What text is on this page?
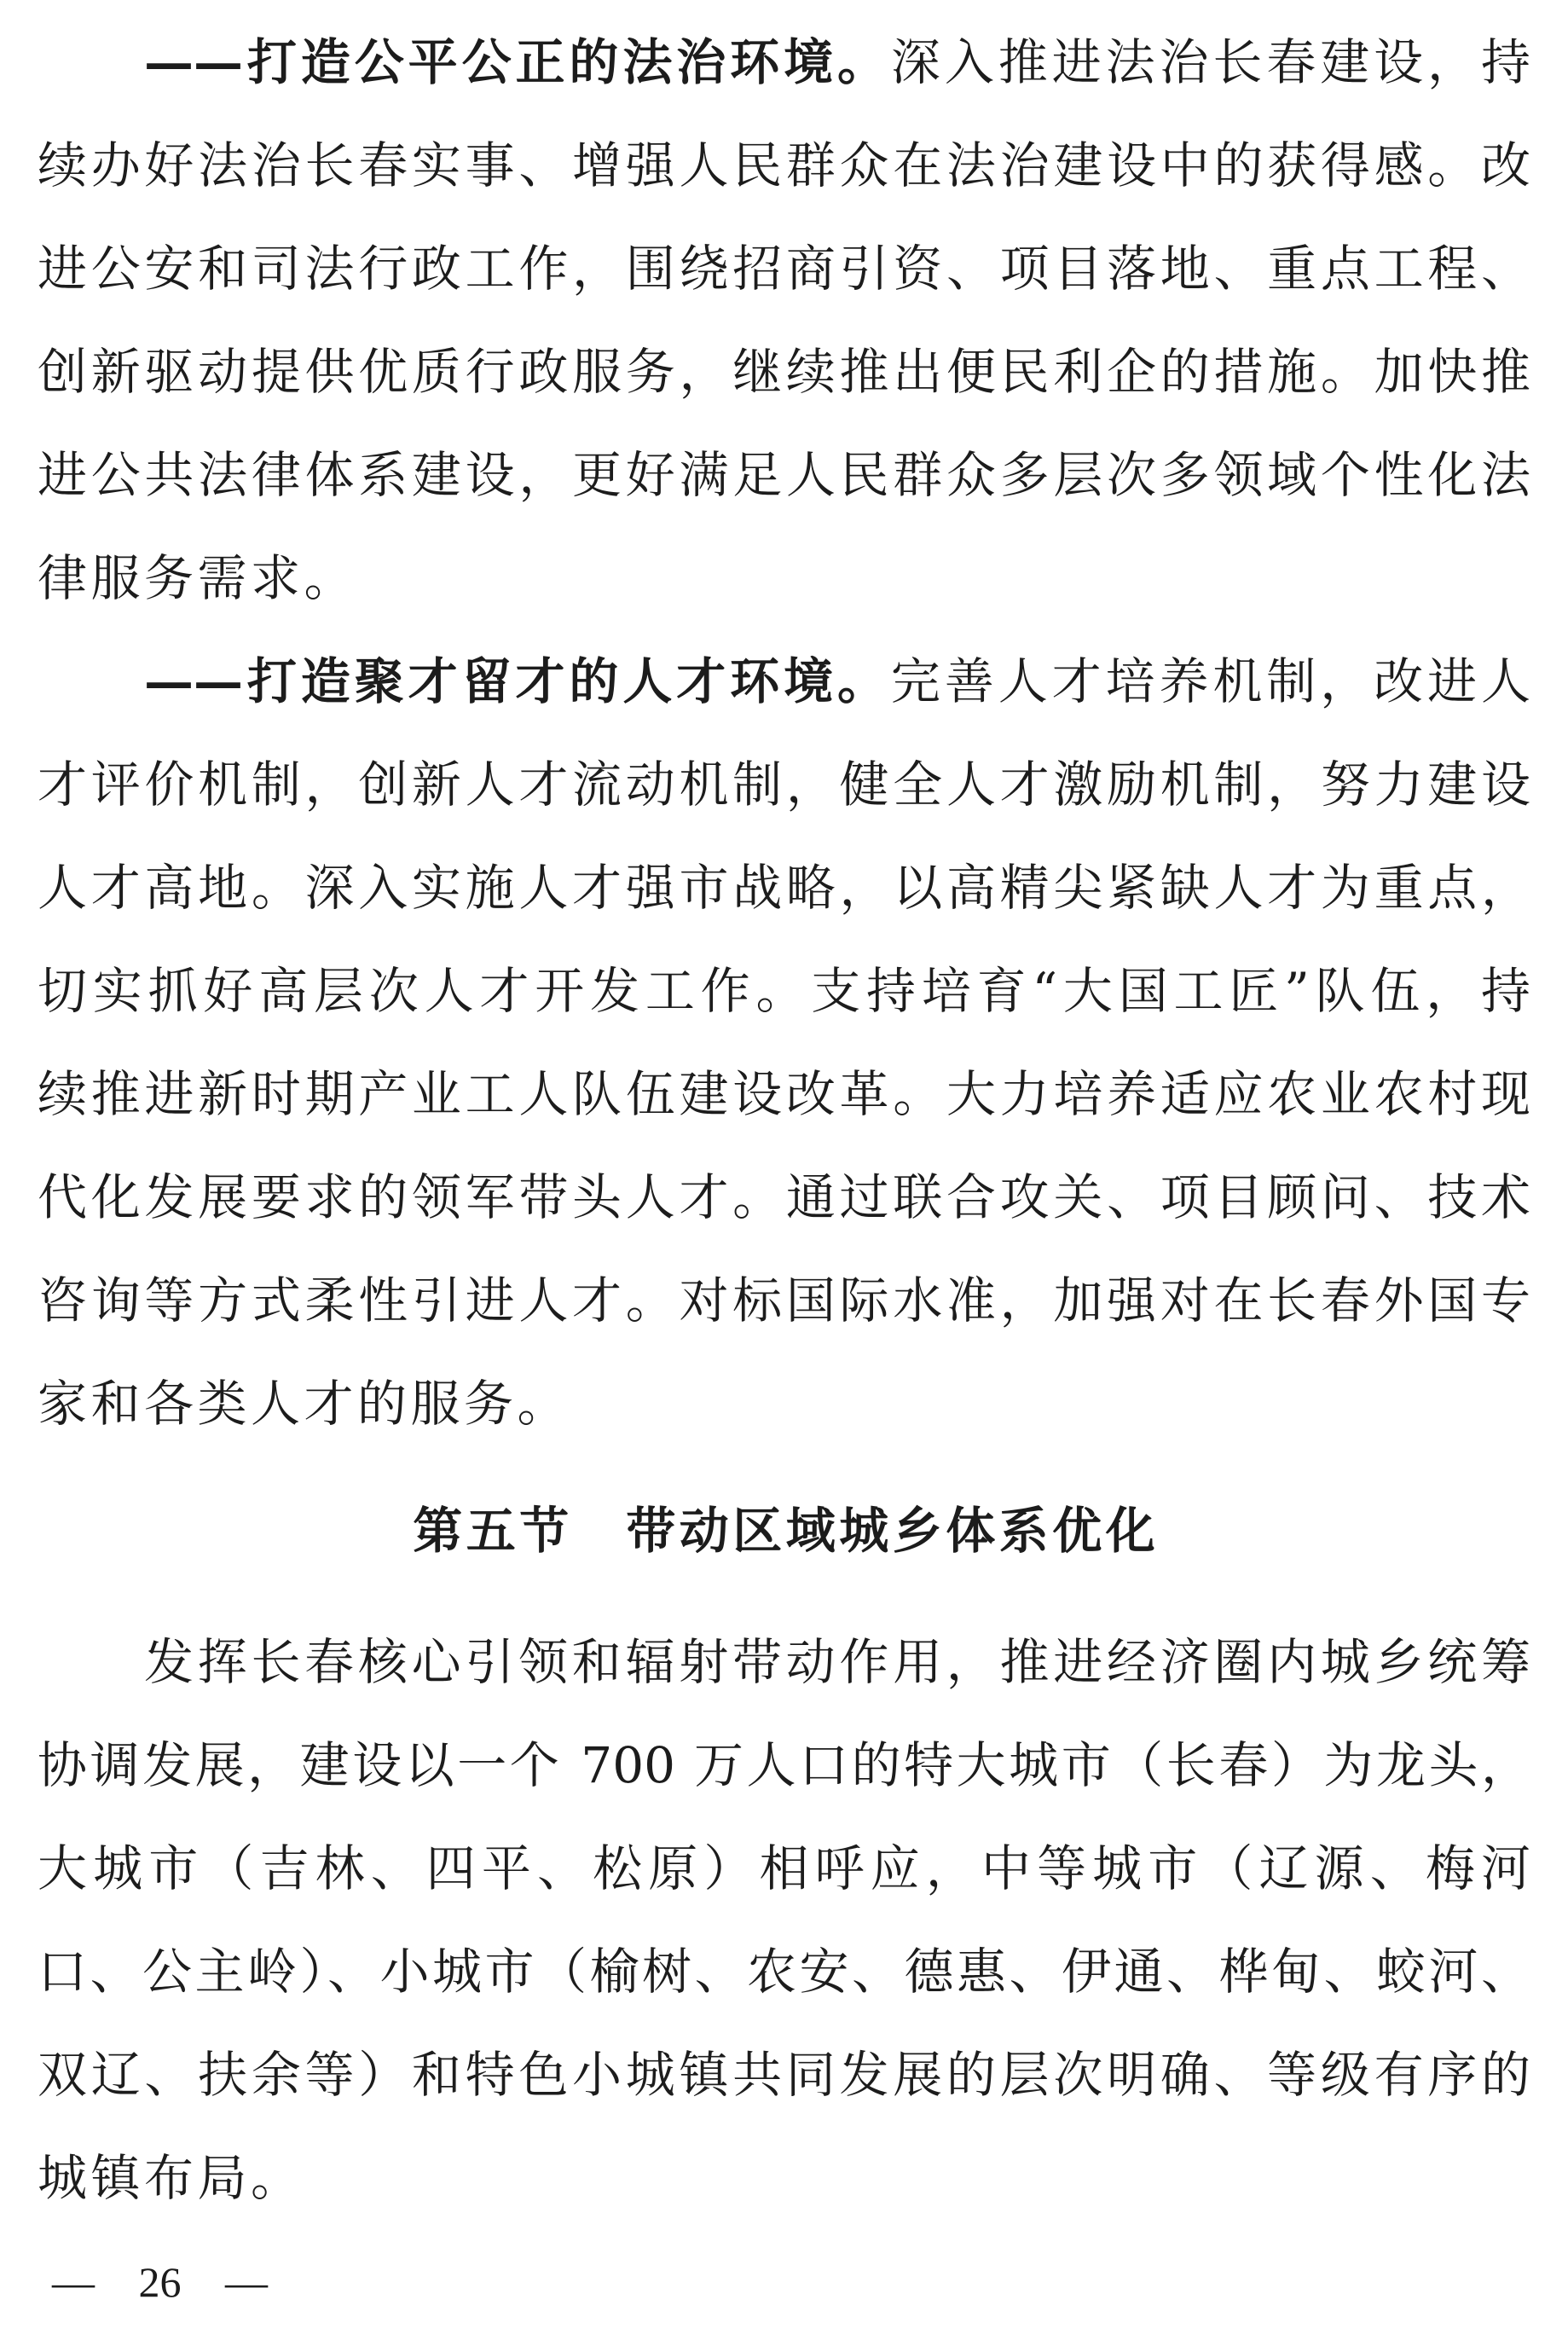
——打造公平公正的法治环境。深入推进法治长春建设，持
续办好法治长春实事、增强人民群众在法治建设中的获得感。改
进公安和司法行政工作，围绕招商引资、项目落地、重点工程、
创新驱动提供优质行政服务，继续推出便民利企的措施。加快推
进公共法律体系建设，更好满足人民群众多层次多领域个性化法
律服务需求。
——打造聚才留才的人才环境。完善人才培养机制，改进人
才评价机制，创新人才流动机制，健全人才激励机制，努力建设
人才高地。深入实施人才强市战略，以高精尖紧缺人才为重点，
切实抓好高层次人才开发工作。支持培育“大国工匠”队伍，持
续推进新时期产业工人队伍建设改革。大力培养适应农业农村现
代化发展要求的领军带头人才。通过联合攻关、项目顾问、技术
咨询等方式柔性引进人才。对标国际水准，加强对在长春外国专
家和各类人才的服务。
第五节　带动区域城乡体系优化
发挥长春核心引领和辐射带动作用，推进经济圈内城乡统筹
协调发展，建设以一个 700 万人口的特大城市（长春）为龙头，
大城市（吉林、四平、松原）相呼应，中等城市（辽源、梅河
口、公主岭）、小城市（榆树、农安、德惠、伊通、桦甸、蛟河、
双辽、扶余等）和特色小城镇共同发展的层次明确、等级有序的
城镇布局。
— 26 —
